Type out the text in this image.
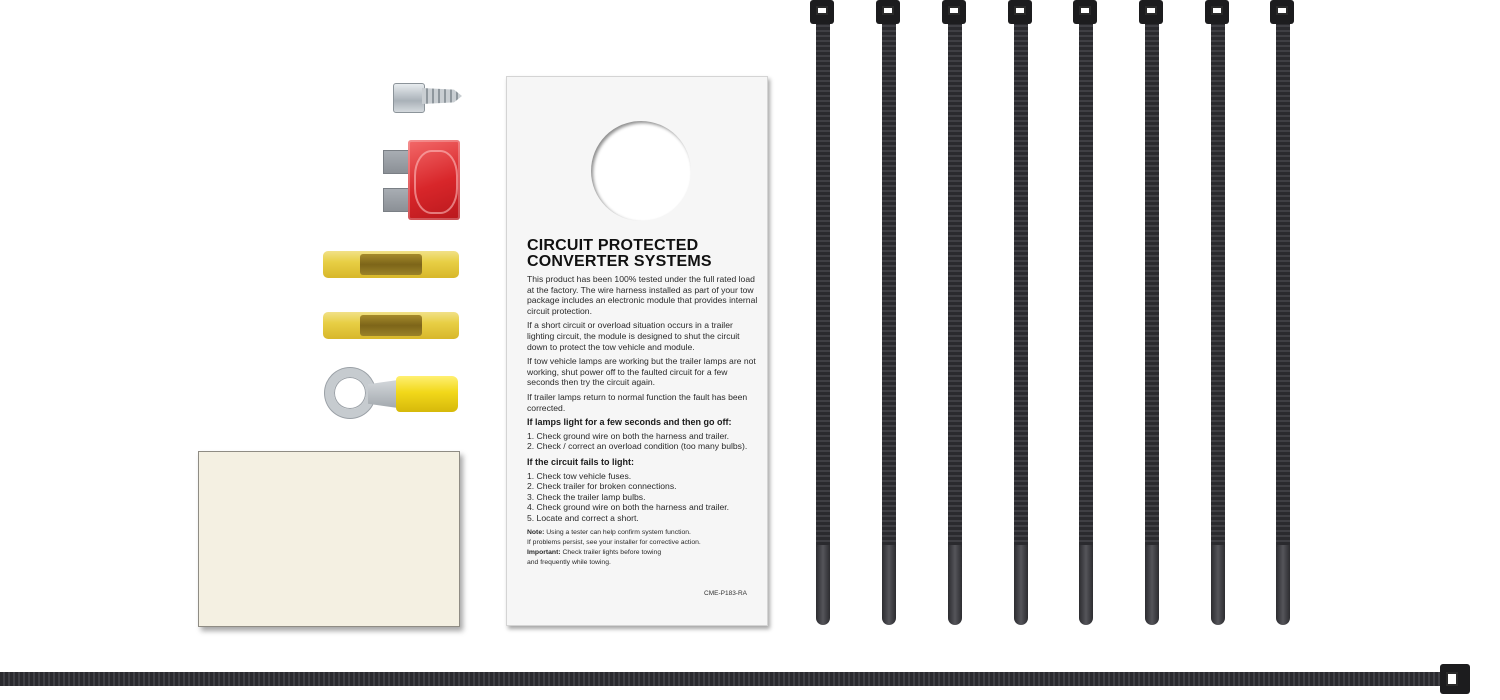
CIRCUIT PROTECTED
CONVERTER SYSTEMS

This product has been 100% tested under the full rated load at the factory. The wire harness installed as part of your tow package includes an electronic module that provides internal circuit protection.

If a short circuit or overload situation occurs in a trailer lighting circuit, the module is designed to shut the circuit down to protect the tow vehicle and module.

If tow vehicle lamps are working but the trailer lamps are not working, shut power off to the faulted circuit for a few seconds then try the circuit again.

If trailer lamps return to normal function the fault has been corrected.

If lamps light for a few seconds and then go off:

1. Check ground wire on both the harness and trailer.
2. Check / correct an overload condition (too many bulbs).

If the circuit fails to light:

1. Check tow vehicle fuses.
2. Check trailer for broken connections.
3. Check the trailer lamp bulbs.
4. Check ground wire on both the harness and trailer.
5. Locate and correct a short.

Note: Using a tester can help confirm system function.

If problems persist, see your installer for corrective action.

Important: Check trailer lights before towing

and frequently while towing.

CME-P183-RA
